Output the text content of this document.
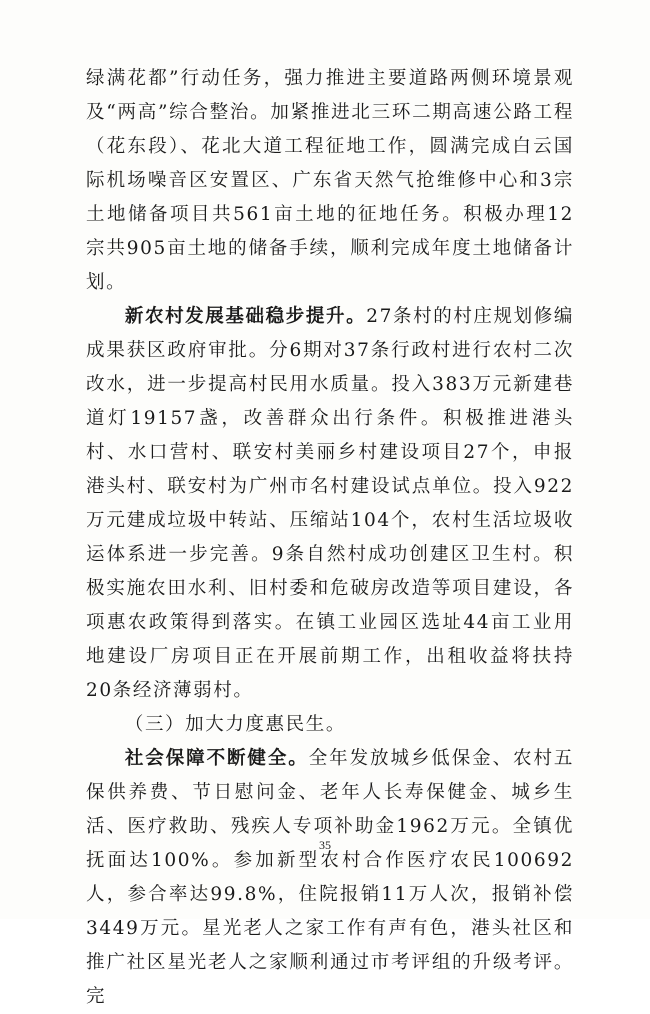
绿满花都”行动任务，强力推进主要道路两侧环境景观及“两高”综合整治。加紧推进北三环二期高速公路工程（花东段）、花北大道工程征地工作，圆满完成白云国际机场噪音区安置区、广东省天然气抢维修中心和3宗土地储备项目共561亩土地的征地任务。积极办理12宗共905亩土地的储备手续，顺利完成年度土地储备计划。

新农村发展基础稳步提升。27条村的村庄规划修编成果获区政府审批。分6期对37条行政村进行农村二次改水，进一步提高村民用水质量。投入383万元新建巷道灯19157盏，改善群众出行条件。积极推进港头村、水口营村、联安村美丽乡村建设项目27个，申报港头村、联安村为广州市名村建设试点单位。投入922万元建成垃圾中转站、压缩站104个，农村生活垃圾收运体系进一步完善。9条自然村成功创建区卫生村。积极实施农田水利、旧村委和危破房改造等项目建设，各项惠农政策得到落实。在镇工业园区选址44亩工业用地建设厂房项目正在开展前期工作，出租收益将扶持20条经济薄弱村。

（三）加大力度惠民生。

社会保障不断健全。全年发放城乡低保金、农村五保供养费、节日慰问金、老年人长寿保健金、城乡生活、医疗救助、残疾人专项补助金1962万元。全镇优抚面达100%。参加新型农村合作医疗农民100692人，参合率达99.8%，住院报销11万人次，报销补偿3449万元。星光老人之家工作有声有色，港头社区和推广社区星光老人之家顺利通过市考评组的升级考评。完

35
